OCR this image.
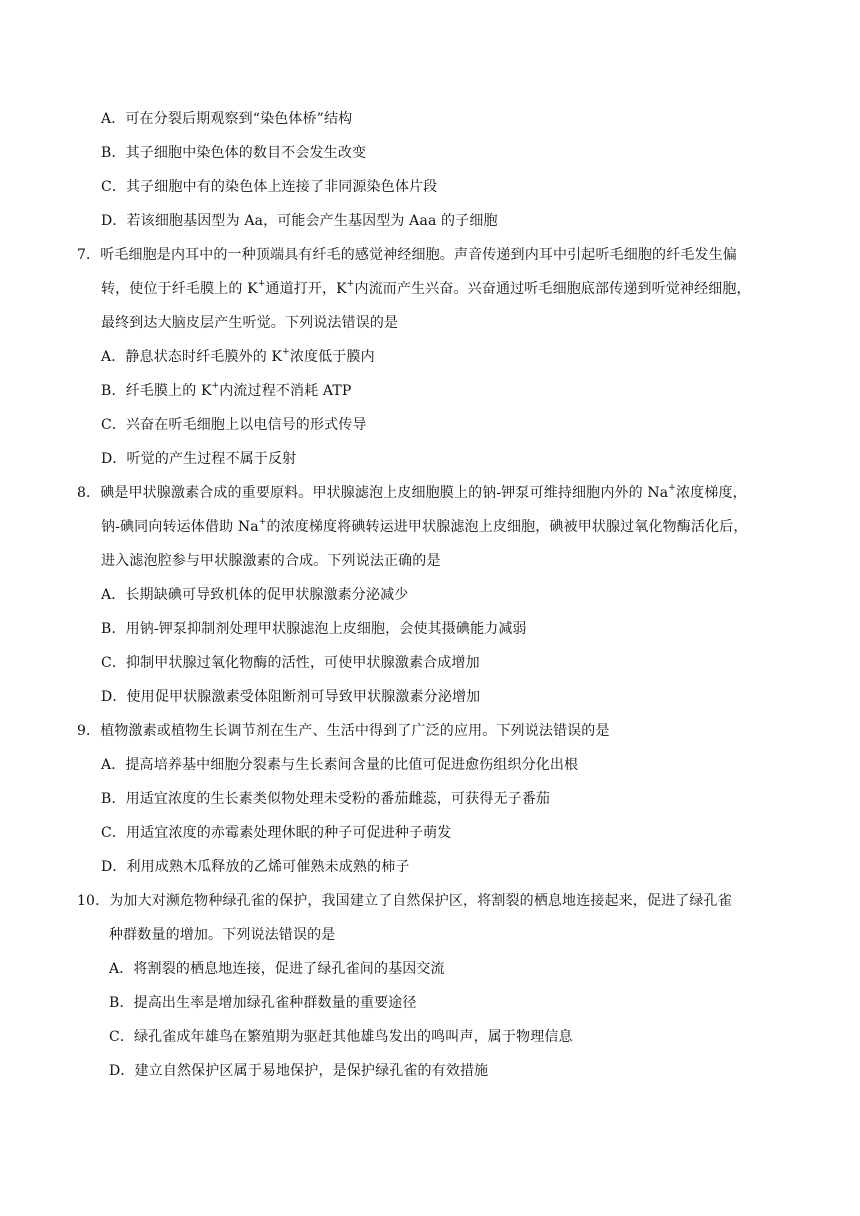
A．可在分裂后期观察到“染色体桥”结构
B．其子细胞中染色体的数目不会发生改变
C．其子细胞中有的染色体上连接了非同源染色体片段
D．若该细胞基因型为 Aa，可能会产生基因型为 Aaa 的子细胞
7．听毛细胞是内耳中的一种顶端具有纤毛的感觉神经细胞。声音传递到内耳中引起听毛细胞的纤毛发生偏
转，使位于纤毛膜上的 K+通道打开，K+内流而产生兴奋。兴奋通过听毛细胞底部传递到听觉神经细胞，
最终到达大脑皮层产生听觉。下列说法错误的是
A．静息状态时纤毛膜外的 K+浓度低于膜内
B．纤毛膜上的 K+内流过程不消耗 ATP
C．兴奋在听毛细胞上以电信号的形式传导
D．听觉的产生过程不属于反射
8．碘是甲状腺激素合成的重要原料。甲状腺滤泡上皮细胞膜上的钠-钾泵可维持细胞内外的 Na+浓度梯度，
钠-碘同向转运体借助 Na+的浓度梯度将碘转运进甲状腺滤泡上皮细胞，碘被甲状腺过氧化物酶活化后，
进入滤泡腔参与甲状腺激素的合成。下列说法正确的是
A．长期缺碘可导致机体的促甲状腺激素分泌减少
B．用钠-钾泵抑制剂处理甲状腺滤泡上皮细胞，会使其摄碘能力减弱
C．抑制甲状腺过氧化物酶的活性，可使甲状腺激素合成增加
D．使用促甲状腺激素受体阻断剂可导致甲状腺激素分泌增加
9．植物激素或植物生长调节剂在生产、生活中得到了广泛的应用。下列说法错误的是
A．提高培养基中细胞分裂素与生长素间含量的比值可促进愈伤组织分化出根
B．用适宜浓度的生长素类似物处理未受粉的番茄雌蕊，可获得无子番茄
C．用适宜浓度的赤霉素处理休眠的种子可促进种子萌发
D．利用成熟木瓜释放的乙烯可催熟未成熟的柿子
10．为加大对濒危物种绿孔雀的保护，我国建立了自然保护区，将割裂的栖息地连接起来，促进了绿孔雀
种群数量的增加。下列说法错误的是
A．将割裂的栖息地连接，促进了绿孔雀间的基因交流
B．提高出生率是增加绿孔雀种群数量的重要途径
C．绿孔雀成年雄鸟在繁殖期为驱赶其他雄鸟发出的鸣叫声，属于物理信息
D．建立自然保护区属于易地保护，是保护绿孔雀的有效措施
